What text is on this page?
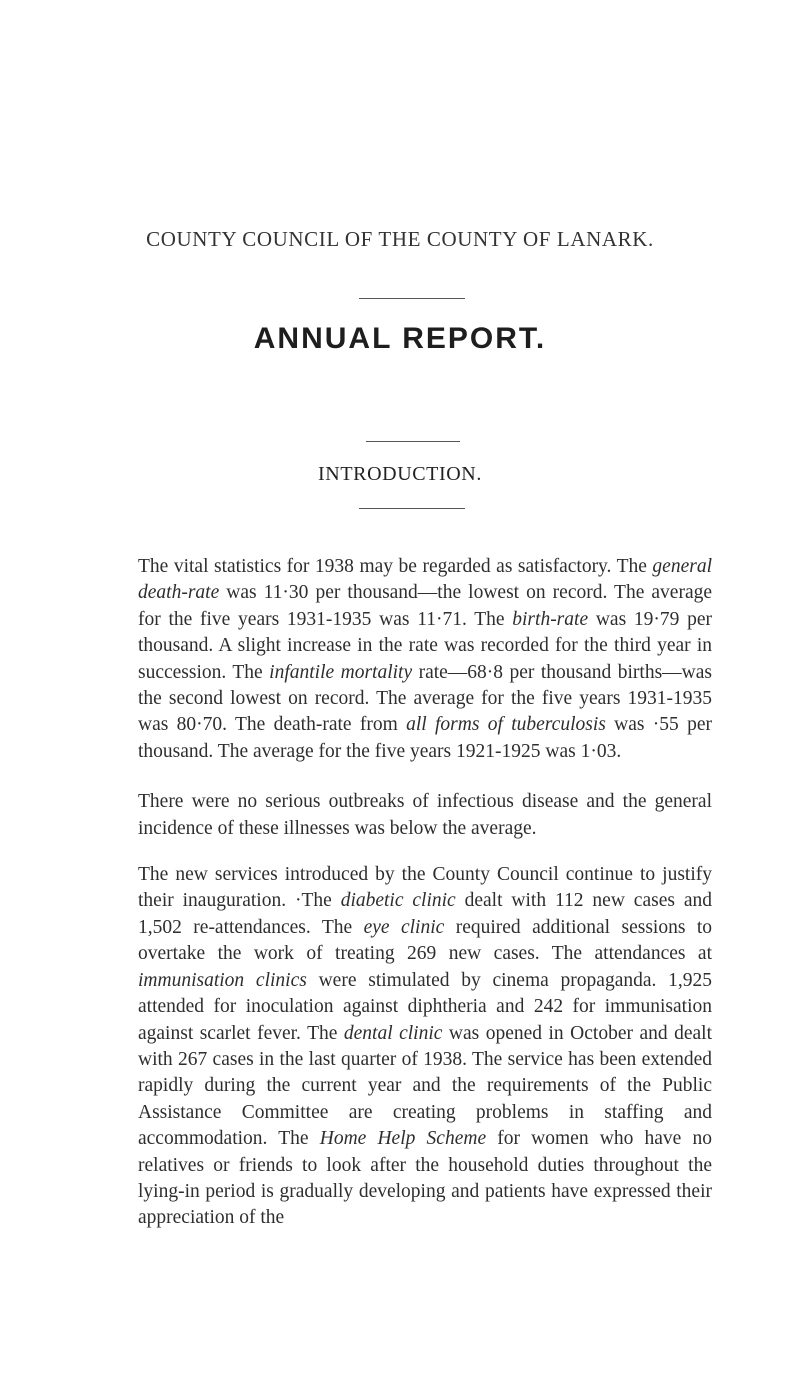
COUNTY COUNCIL OF THE COUNTY OF LANARK.
ANNUAL REPORT.
INTRODUCTION.

The vital statistics for 1938 may be regarded as satisfactory. The general death-rate was 11·30 per thousand—the lowest on record. The average for the five years 1931-1935 was 11·71. The birth-rate was 19·79 per thousand. A slight increase in the rate was recorded for the third year in succession. The infantile mortality rate—68·8 per thousand births—was the second lowest on record. The average for the five years 1931-1935 was 80·70. The death-rate from all forms of tuberculosis was ·55 per thousand. The average for the five years 1921-1925 was 1·03.

There were no serious outbreaks of infectious disease and the general incidence of these illnesses was below the average.

The new services introduced by the County Council continue to justify their inauguration. ·The diabetic clinic dealt with 112 new cases and 1,502 re-attendances. The eye clinic required additional sessions to overtake the work of treating 269 new cases. The attendances at immunisation clinics were stimulated by cinema propaganda. 1,925 attended for inoculation against diphtheria and 242 for immunisation against scarlet fever. The dental clinic was opened in October and dealt with 267 cases in the last quarter of 1938. The service has been extended rapidly during the current year and the requirements of the Public Assistance Committee are creating problems in staffing and accommodation. The Home Help Scheme for women who have no relatives or friends to look after the household duties throughout the lying-in period is gradually developing and patients have expressed their appreciation of the
